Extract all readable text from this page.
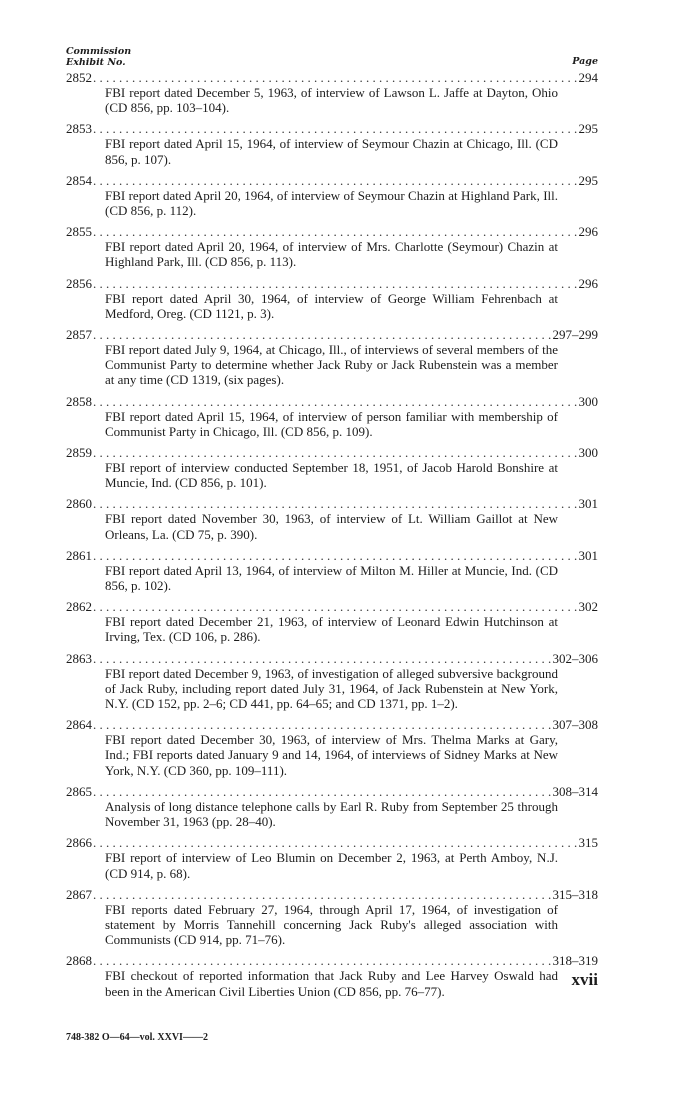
Commission
Exhibit No.	Page
2852 . . .	294
FBI report dated December 5, 1963, of interview of Lawson L. Jaffe at Dayton, Ohio (CD 856, pp. 103–104).
2853 . . .	295
FBI report dated April 15, 1964, of interview of Seymour Chazin at Chicago, Ill. (CD 856, p. 107).
2854 . . .	295
FBI report dated April 20, 1964, of interview of Seymour Chazin at Highland Park, Ill. (CD 856, p. 112).
2855 . . .	296
FBI report dated April 20, 1964, of interview of Mrs. Charlotte (Seymour) Chazin at Highland Park, Ill. (CD 856, p. 113).
2856 . . .	296
FBI report dated April 30, 1964, of interview of George William Fehrenbach at Medford, Oreg. (CD 1121, p. 3).
2857 . . .	297–299
FBI report dated July 9, 1964, at Chicago, Ill., of interviews of several members of the Communist Party to determine whether Jack Ruby or Jack Rubenstein was a member at any time (CD 1319, (six pages).
2858 . . .	300
FBI report dated April 15, 1964, of interview of person familiar with membership of Communist Party in Chicago, Ill. (CD 856, p. 109).
2859 . . .	300
FBI report of interview conducted September 18, 1951, of Jacob Harold Bonshire at Muncie, Ind. (CD 856, p. 101).
2860 . . .	301
FBI report dated November 30, 1963, of interview of Lt. William Gaillot at New Orleans, La. (CD 75, p. 390).
2861 . . .	301
FBI report dated April 13, 1964, of interview of Milton M. Hiller at Muncie, Ind. (CD 856, p. 102).
2862 . . .	302
FBI report dated December 21, 1963, of interview of Leonard Edwin Hutchinson at Irving, Tex. (CD 106, p. 286).
2863 . . .	302–306
FBI report dated December 9, 1963, of investigation of alleged subversive background of Jack Ruby, including report dated July 31, 1964, of Jack Rubenstein at New York, N.Y. (CD 152, pp. 2–6; CD 441, pp. 64–65; and CD 1371, pp. 1–2).
2864 . . .	307–308
FBI report dated December 30, 1963, of interview of Mrs. Thelma Marks at Gary, Ind.; FBI reports dated January 9 and 14, 1964, of interviews of Sidney Marks at New York, N.Y. (CD 360, pp. 109–111).
2865 . . .	308–314
Analysis of long distance telephone calls by Earl R. Ruby from September 25 through November 31, 1963 (pp. 28–40).
2866 . . .	315
FBI report of interview of Leo Blumin on December 2, 1963, at Perth Amboy, N.J. (CD 914, p. 68).
2867 . . .	315–318
FBI reports dated February 27, 1964, through April 17, 1964, of investigation of statement by Morris Tannehill concerning Jack Ruby's alleged association with Communists (CD 914, pp. 71–76).
2868 . . .	318–319
FBI checkout of reported information that Jack Ruby and Lee Harvey Oswald had been in the American Civil Liberties Union (CD 856, pp. 76–77).
xvii
748-382 O—64—vol. XXVI——2
